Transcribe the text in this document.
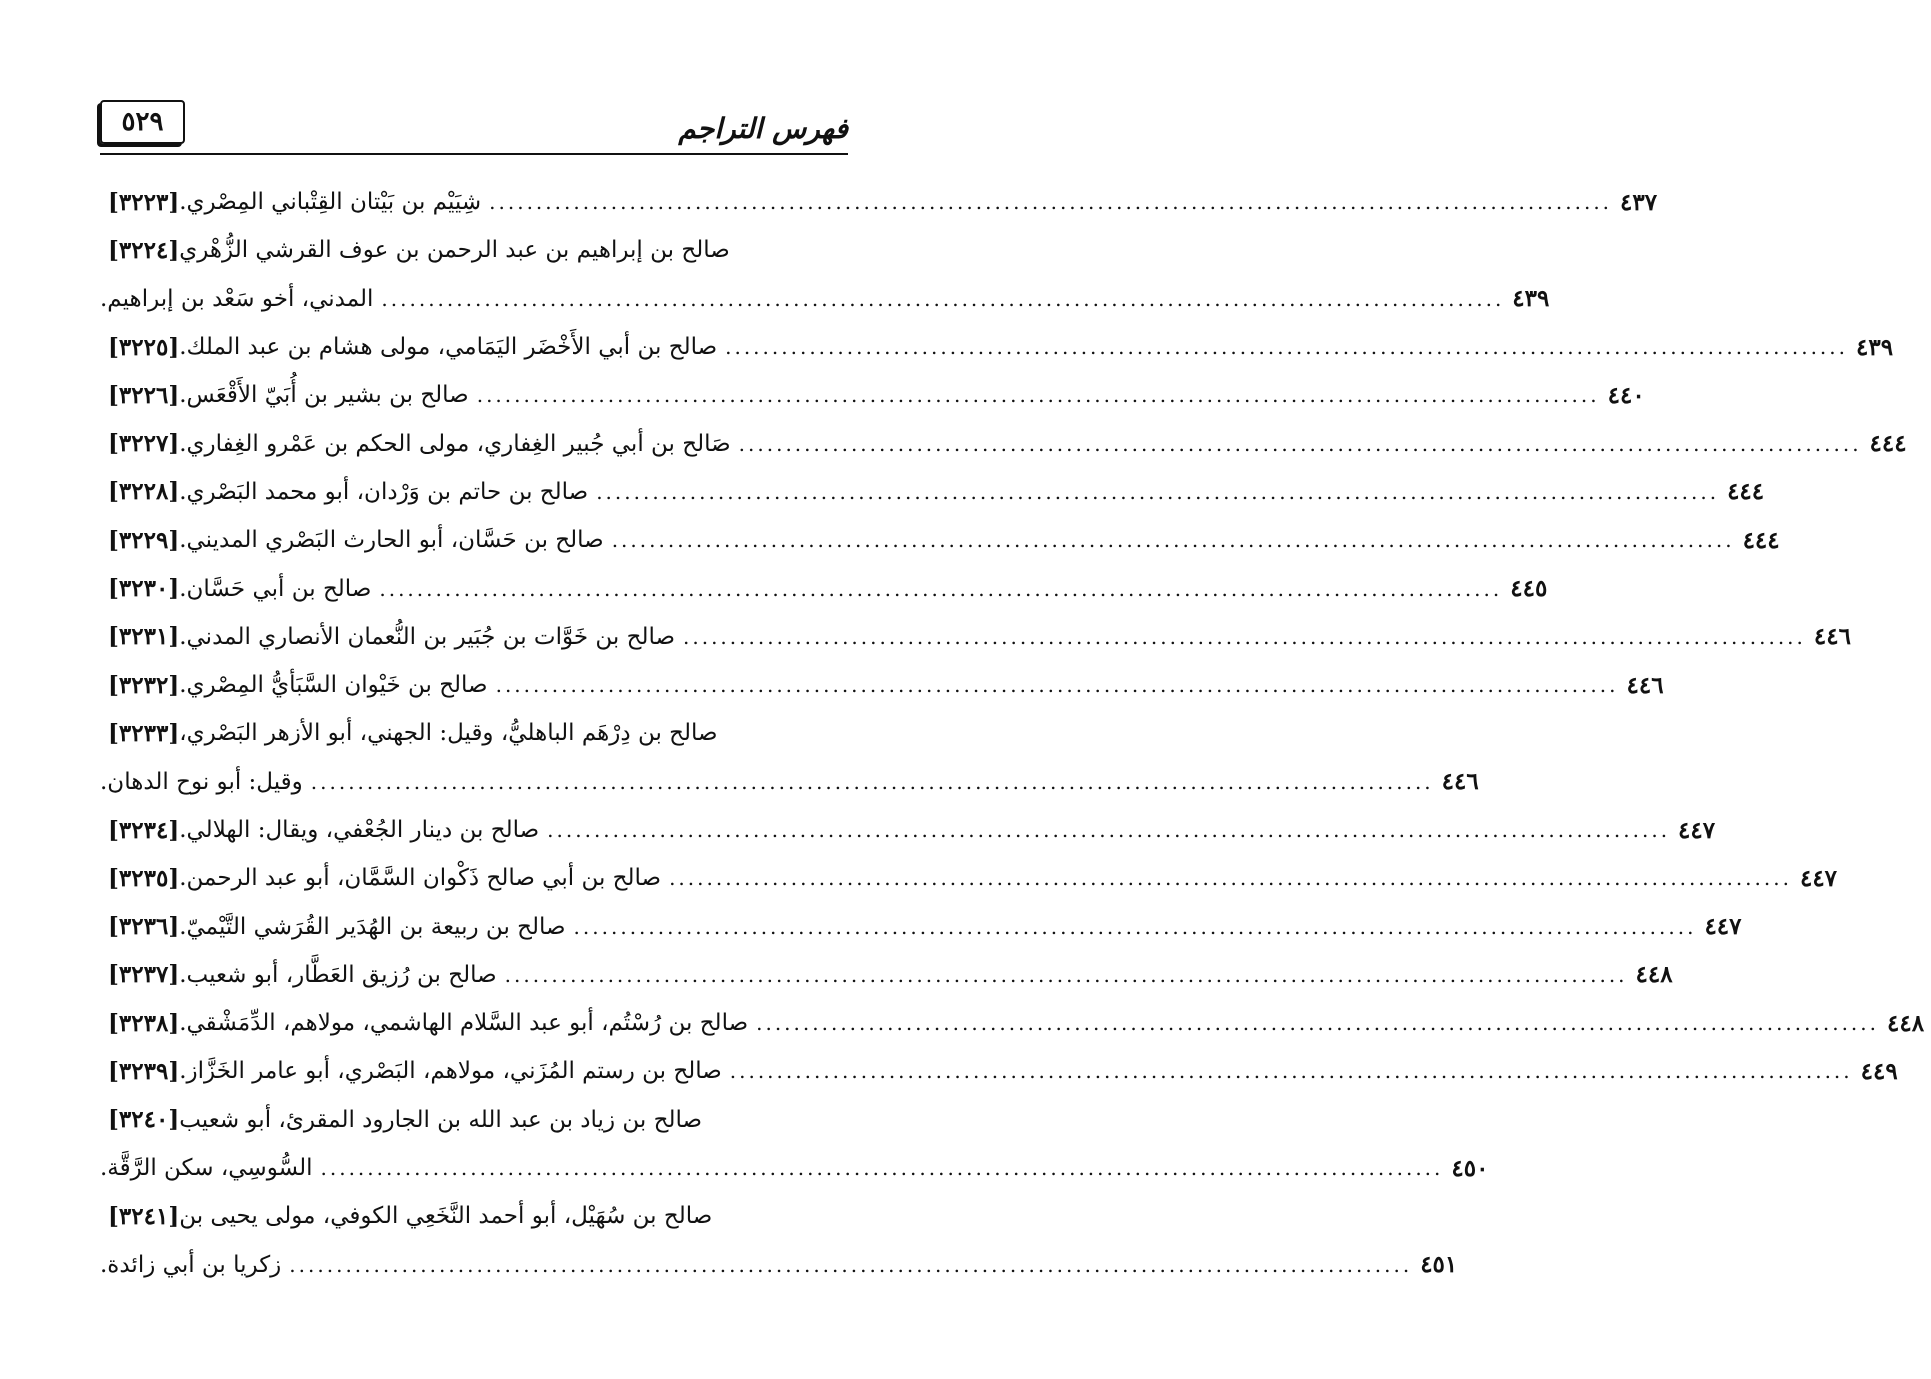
٥٢٩	فهرس التراجم
[ ٣٢٢٣ ] شِيَيْم بن بَيْتان القِتْباني المِصْري. .....	٤٣٧
[ ٣٢٢٤ ] صالح بن إبراهيم بن عبد الرحمن بن عوف القرشي الزُّهْري
المدني، أخو سَعْد بن إبراهيم. .....	٤٣٩
[ ٣٢٢٥ ] صالح بن أبي الأَخْضَر اليَمَامي، مولى هشام بن عبد الملك. .....	٤٣٩
[ ٣٢٢٦ ] صالح بن بشير بن أُبَيّ الأَقْعَس. .....	٤٤٠
[ ٣٢٢٧ ] صَالح بن أبي جُبير الغِفاري، مولى الحكم بن عَمْرو الغِفاري. .....	٤٤٤
[ ٣٢٢٨ ] صالح بن حاتم بن وَرْدان، أبو محمد البَصْري. .....	٤٤٤
[ ٣٢٢٩ ] صالح بن حَسَّان، أبو الحارث البَصْري المديني. .....	٤٤٤
[ ٣٢٣٠ ] صالح بن أبي حَسَّان. .....	٤٤٥
[ ٣٢٣١ ] صالح بن خَوَّات بن جُبَير بن النُّعمان الأنصاري المدني. .....	٤٤٦
[ ٣٢٣٢ ] صالح بن خَيْوان السَّبَأيُّ المِصْري. .....	٤٤٦
[ ٣٢٣٣ ] صالح بن دِرْهَم الباهليُّ، وقيل: الجهني، أبو الأزهر البَصْري،
وقيل: أبو نوح الدهان. .....	٤٤٦
[ ٣٢٣٤ ] صالح بن دينار الجُعْفي، ويقال: الهلالي. .....	٤٤٧
[ ٣٢٣٥ ] صالح بن أبي صالح ذَكْوان السَّمَّان، أبو عبد الرحمن. .....	٤٤٧
[ ٣٢٣٦ ] صالح بن ربيعة بن الهُدَير القُرَشي التَّيْميّ. .....	٤٤٧
[ ٣٢٣٧ ] صالح بن رُزيق العَطَّار، أبو شعيب. .....	٤٤٨
[ ٣٢٣٨ ] صالح بن رُسْتُم، أبو عبد السَّلام الهاشمي، مولاهم، الدِّمَشْقي. .....	٤٤٨
[ ٣٢٣٩ ] صالح بن رستم المُزَني، مولاهم، البَصْري، أبو عامر الخَزَّاز. .....	٤٤٩
[ ٣٢٤٠ ] صالح بن زياد بن عبد الله بن الجارود المقرئ، أبو شعيب
السُّوسِي، سكن الرَّقَّة. .....	٤٥٠
[ ٣٢٤١ ] صالح بن سُهَيْل، أبو أحمد النَّخَعِي الكوفي، مولى يحيى بن
زكريا بن أبي زائدة. .....	٤٥١
